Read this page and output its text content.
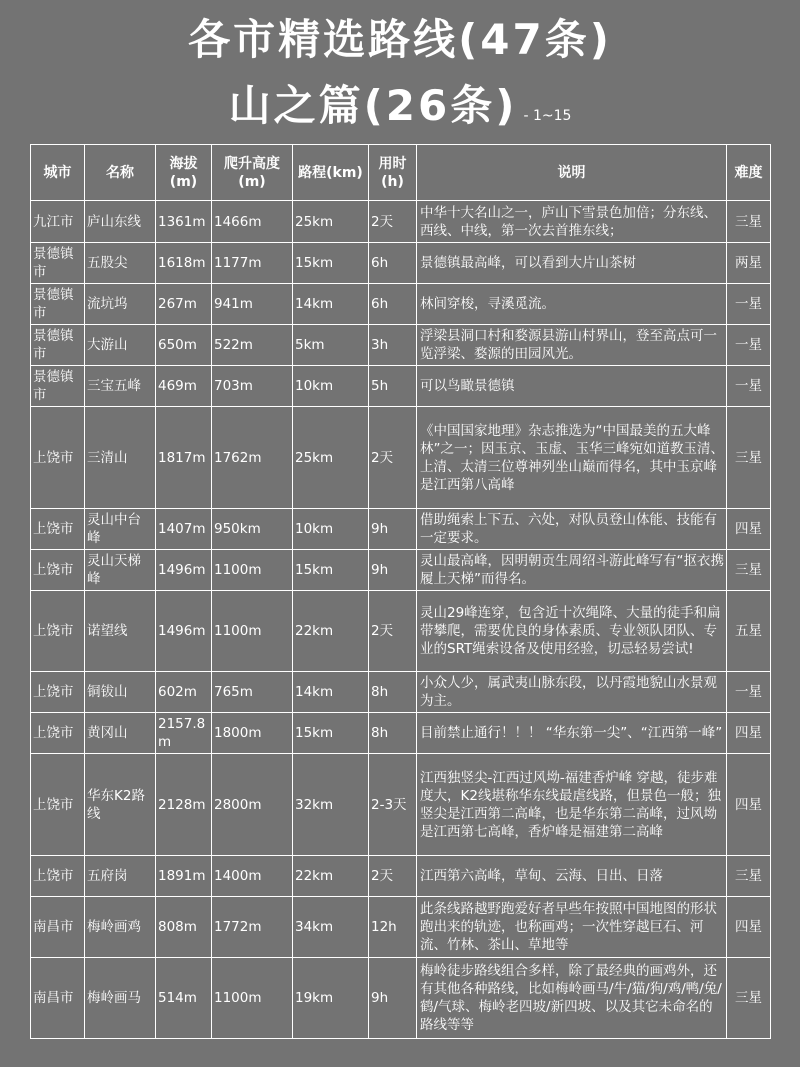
各市精选路线(47条)
山之篇(26条) - 1~15
城市	名称	海拔(m)	爬升高度(m)	路程(km)	用时(h)	说明	难度
九江市	庐山东线	1361m	1466m	25km	2天	中华十大名山之一，庐山下雪景色加倍；分东线、西线、中线，第一次去首推东线；	三星
景德镇市	五股尖	1618m	1177m	15km	6h	景德镇最高峰，可以看到大片山茶树	两星
景德镇市	流坑坞	267m	941m	14km	6h	林间穿梭，寻溪觅流。	一星
景德镇市	大游山	650m	522m	5km	3h	浮梁县洞口村和婺源县游山村界山，登至高点可一览浮梁、婺源的田园风光。	一星
景德镇市	三宝五峰	469m	703m	10km	5h	可以鸟瞰景德镇	一星
上饶市	三清山	1817m	1762m	25km	2天	《中国国家地理》杂志推选为“中国最美的五大峰林”之一；因玉京、玉虚、玉华三峰宛如道教玉清、上清、太清三位尊神列坐山巅而得名，其中玉京峰是江西第八高峰	三星
上饶市	灵山中台峰	1407m	950km	10km	9h	借助绳索上下五、六处，对队员登山体能、技能有一定要求。	四星
上饶市	灵山天梯峰	1496m	1100m	15km	9h	灵山最高峰，因明朝贡生周绍斗游此峰写有“抠衣携履上天梯”而得名。	三星
上饶市	诺望线	1496m	1100m	22km	2天	灵山29峰连穿，包含近十次绳降、大量的徒手和扁带攀爬，需要优良的身体素质、专业领队团队、专业的SRT绳索设备及使用经验，切忌轻易尝试!	五星
上饶市	铜钹山	602m	765m	14km	8h	小众人少，属武夷山脉东段，以丹霞地貌山水景观为主。	一星
上饶市	黄冈山	2157.8m	1800m	15km	8h	目前禁止通行！！！ “华东第一尖”、“江西第一峰”	四星
上饶市	华东K2路线	2128m	2800m	32km	2-3天	江西独竖尖-江西过风坳-福建香炉峰 穿越，徒步难度大，K2线堪称华东线最虐线路，但景色一般；独竖尖是江西第二高峰，也是华东第二高峰，过风坳是江西第七高峰，香炉峰是福建第二高峰	四星
上饶市	五府岗	1891m	1400m	22km	2天	江西第六高峰，草甸、云海、日出、日落	三星
南昌市	梅岭画鸡	808m	1772m	34km	12h	此条线路越野跑爱好者早些年按照中国地图的形状跑出来的轨迹，也称画鸡；一次性穿越巨石、河流、竹林、茶山、草地等	四星
南昌市	梅岭画马	514m	1100m	19km	9h	梅岭徒步路线组合多样，除了最经典的画鸡外，还有其他各种路线，比如梅岭画马/牛/猫/狗/鸡/鸭/兔/鹤/气球、梅岭老四坡/新四坡、以及其它未命名的路线等等	三星
